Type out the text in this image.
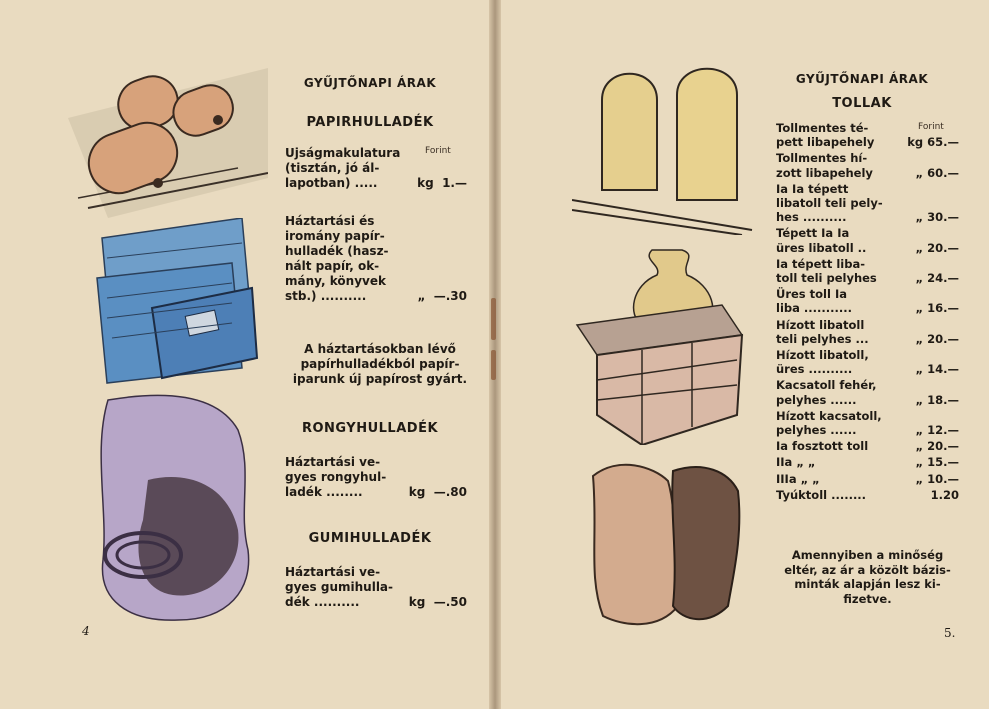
GYŰJTŐNAPI ÁRAK
PAPIRHULLADÉK
Forint
Ujságmakulatura
(tisztán, jó ál-
lapotban) .....	kg 1.—
Háztartási és
iromány papír-
hulladék (hasz-
nált papír, ok-
mány, könyvek
stb.) ..........	„ —.30
A háztartásokban lévő
papírhulladékból papír-
iparunk új papírost gyárt.
RONGYHULLADÉK
Háztartási ve-
gyes rongyhul-
ladék ........	kg —.80
GUMIHULLADÉK
Háztartási ve-
gyes gumihulla-
dék ..........	kg —.50
4
GYŰJTŐNAPI ÁRAK
TOLLAK
Forint
Tollmentes té-
pett libapehely	kg 65.—
Tollmentes hí-
zott libapehely	„ 60.—
Ia Ia tépett
libatoll teli pely-
hes ..........	„ 30.—
Tépett Ia Ia
üres libatoll ..	„ 20.—
Ia tépett liba-
toll teli pelyhes	„ 24.—
Üres toll Ia
liba ...........	„ 16.—
Hízott libatoll
teli pelyhes ...	„ 20.—
Hízott libatoll,
üres ..........	„ 14.—
Kacsatoll fehér,
pelyhes ......	„ 18.—
Hízott kacsatoll,
pelyhes ......	„ 12.—
Ia fosztott toll	„ 20.—
IIa „ „	„ 15.—
IIIa „ „	„ 10.—
Tyúktoll ........	1.20
Amennyiben a minőség
eltér, az ár a közölt bázis-
minták alapján lesz ki-
fizetve.
5.
